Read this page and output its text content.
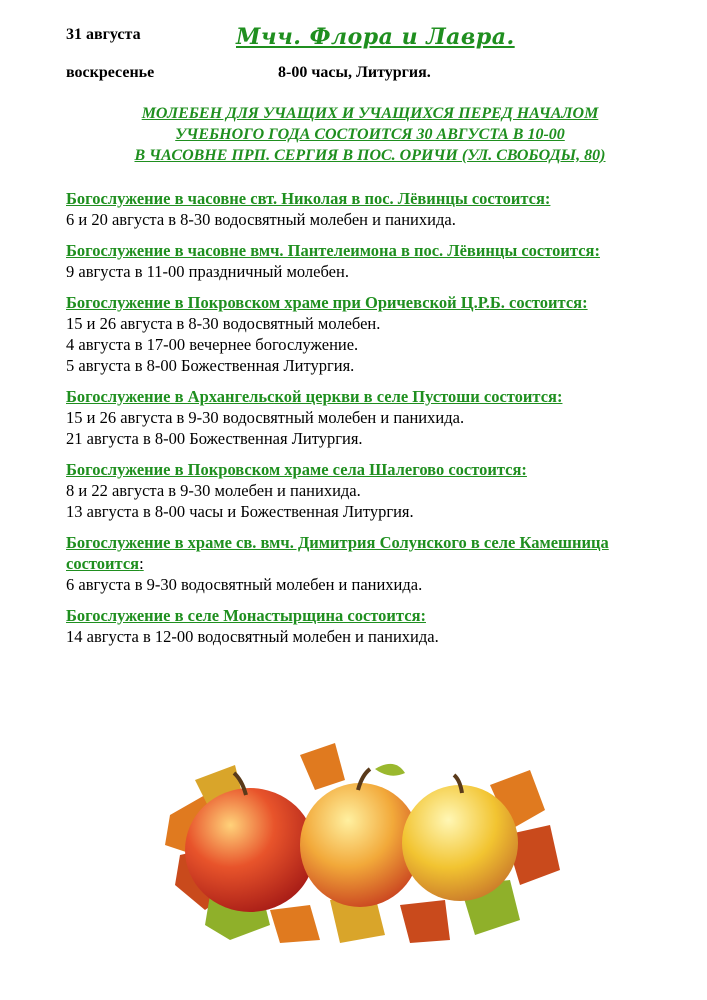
31 августа	Мчч. Флора и Лавра.
воскресенье	8-00 часы, Литургия.
МОЛЕБЕН ДЛЯ УЧАЩИХ И УЧАЩИХСЯ ПЕРЕД НАЧАЛОМ
УЧЕБНОГО ГОДА СОСТОИТСЯ 30 АВГУСТА В 10-00
В ЧАСОВНЕ ПРП. СЕРГИЯ В ПОС. ОРИЧИ (УЛ. СВОБОДЫ, 80)
Богослужение в часовне свт. Николая в пос. Лёвинцы состоится:
6 и 20 августа в 8-30 водосвятный молебен и панихида.
Богослужение в часовне вмч. Пантелеимона в пос. Лёвинцы состоится:
9 августа в 11-00 праздничный молебен.
Богослужение в Покровском храме при Оричевской Ц.Р.Б. состоится:
15 и 26 августа в 8-30 водосвятный молебен.
4 августа в 17-00 вечернее богослужение.
5 августа в 8-00 Божественная Литургия.
Богослужение в Архангельской церкви в селе Пустоши состоится:
15 и 26 августа в 9-30 водосвятный молебен и панихида.
21 августа в 8-00 Божественная Литургия.
Богослужение в Покровском храме села Шалегово состоится:
8 и 22 августа в 9-30 молебен и панихида.
13 августа в 8-00 часы и Божественная Литургия.
Богослужение в храме св. вмч. Димитрия Солунского в селе Камешница состоится:
6 августа в 9-30 водосвятный молебен и панихида.
Богослужение в селе Монастырщина состоится:
14 августа в 12-00 водосвятный молебен и панихида.
